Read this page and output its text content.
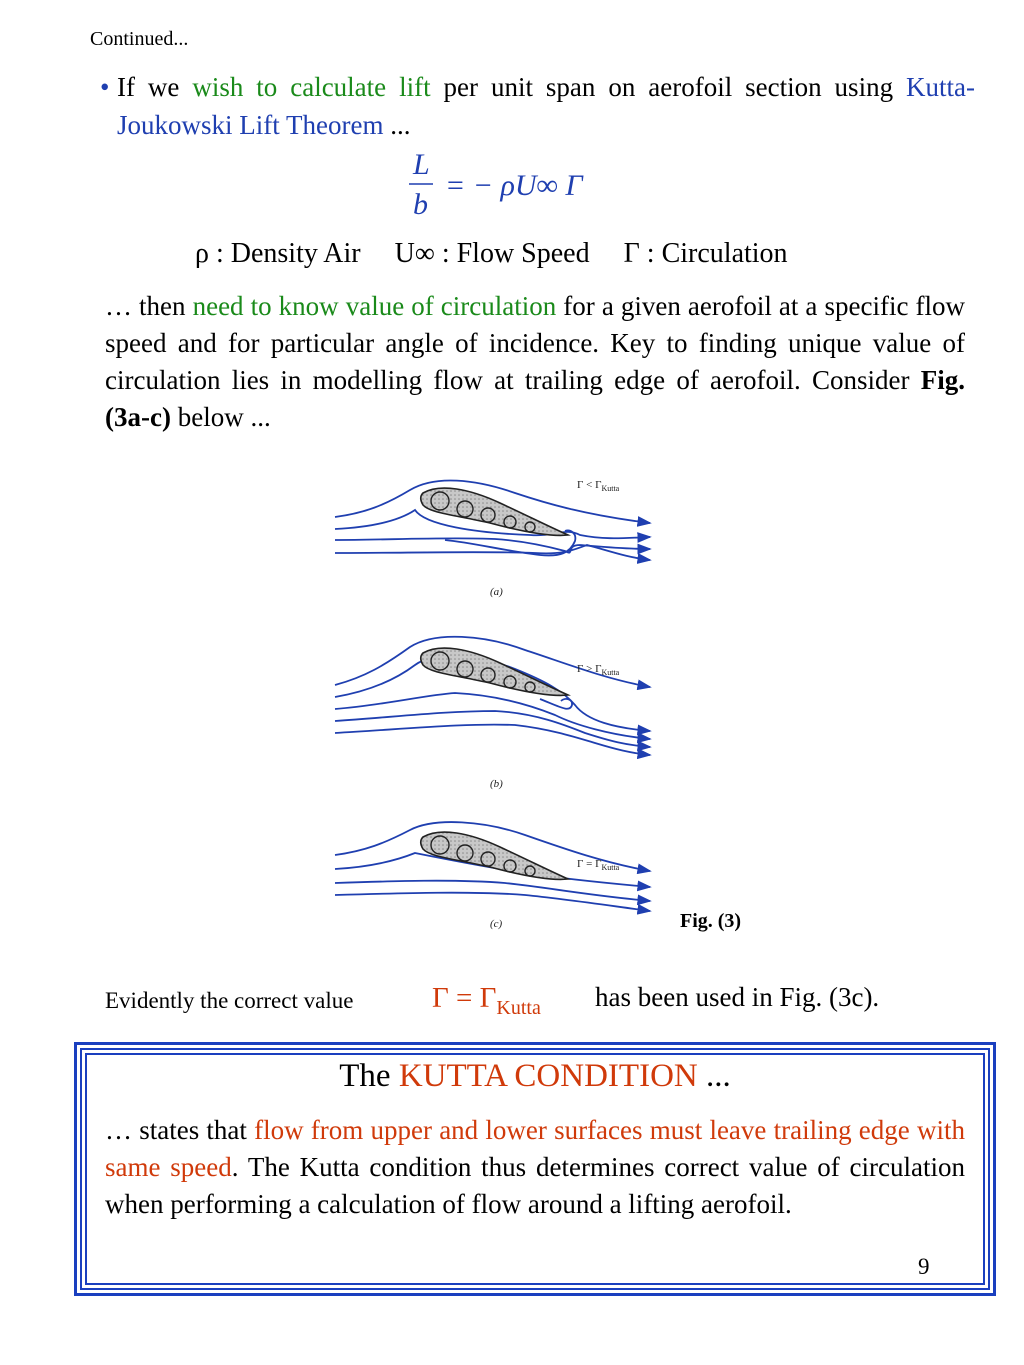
Continued...
• If we wish to calculate lift per unit span on aerofoil section using Kutta-Joukowski Lift Theorem ...
L
b
= − ρU∞ Γ
ρ : Density Air U∞ : Flow Speed Γ : Circulation
… then need to know value of circulation for a given aerofoil at a specific flow speed and for particular angle of incidence. Key to finding unique value of circulation lies in modelling flow at trailing edge of aerofoil. Consider Fig. (3a-c) below ...
$\Gamma < \Gamma_{Kutta}$
(a)
$\Gamma > \Gamma_{Kutta}$
(b)
$\Gamma = \Gamma_{Kutta}$
(c)	Fig. (3)
Evidently the correct value	$\Gamma = \Gamma_{Kutta}$ has been used in Fig. (3c).
The KUTTA CONDITION ...
… states that flow from upper and lower surfaces must leave trailing edge with same speed. The Kutta condition thus determines correct value of circulation when performing a calculation of flow around a lifting aerofoil.
9
